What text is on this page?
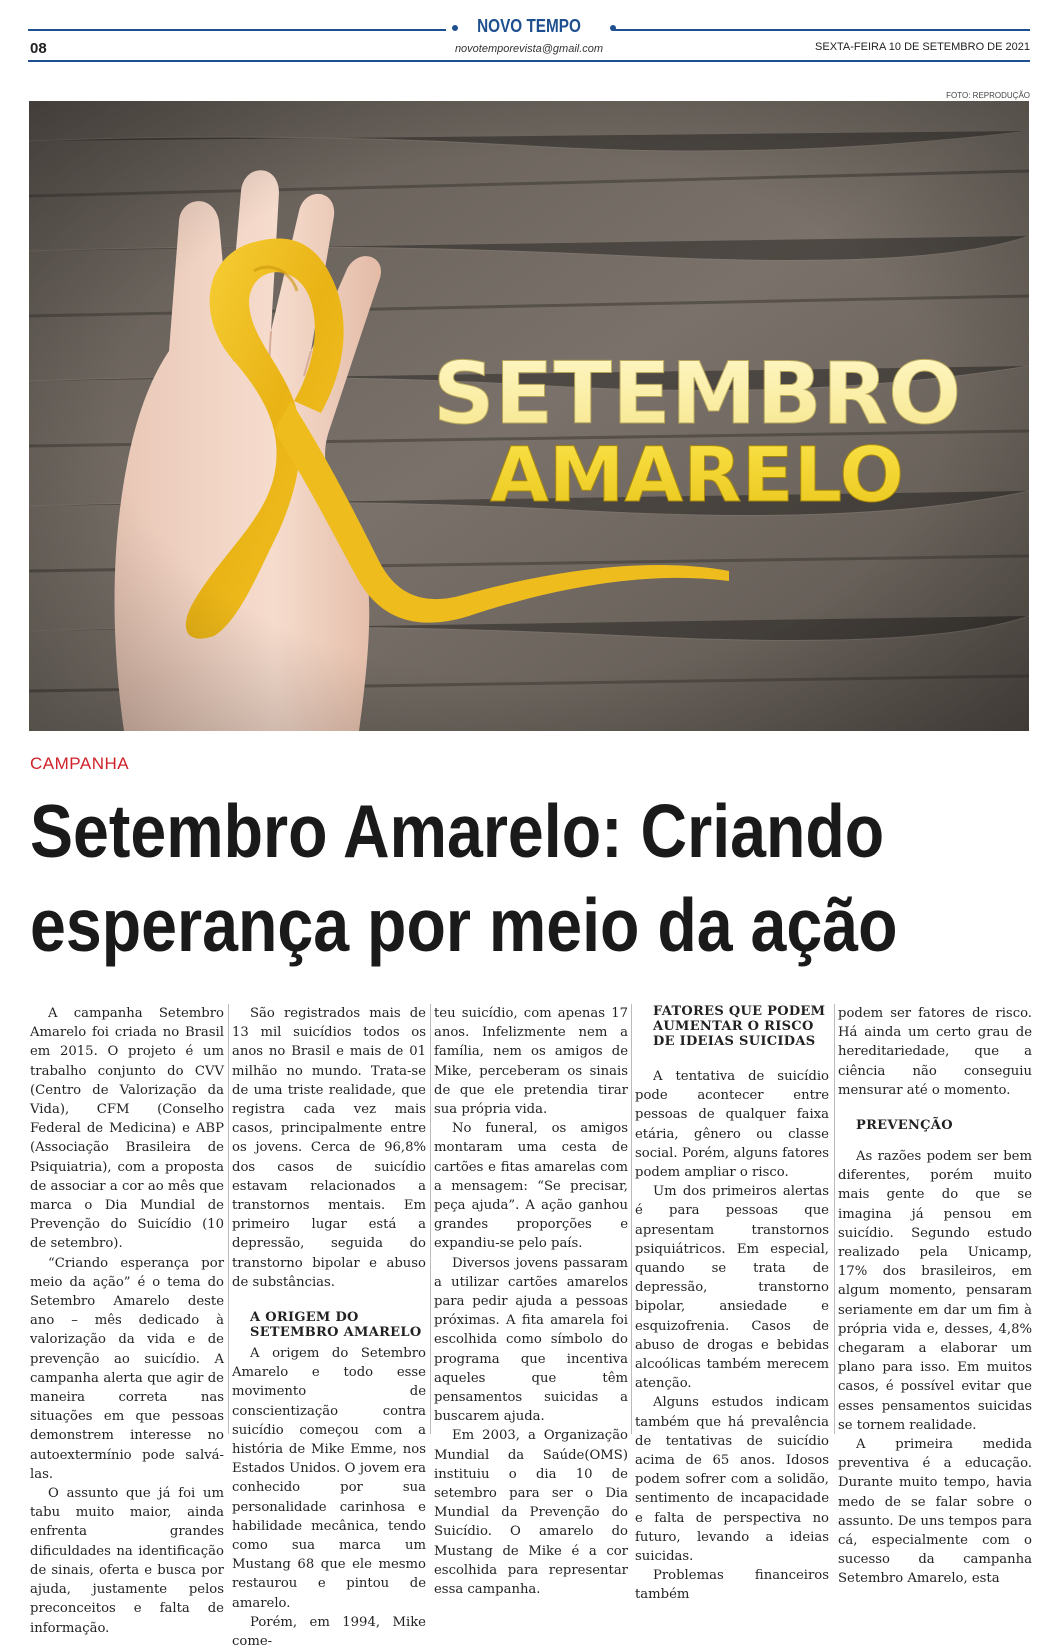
08
NOVO TEMPO
novotemporevista@gmail.com	SEXTA-FEIRA 10 DE SETEMBRO DE 2021
FOTO: REPRODUÇÃO
SETEMBRO
AMARELO
CAMPANHA
Setembro Amarelo: Criando
esperança por meio da ação

A campanha Setembro Amarelo foi criada no Brasil em 2015. O projeto é um trabalho conjunto do CVV (Centro de Valorização da Vida), CFM (Conselho Federal de Medicina) e ABP (Associação Brasileira de Psiquiatria), com a proposta de associar a cor ao mês que marca o Dia Mundial de Prevenção do Suicídio (10 de setembro).

“Criando esperança por meio da ação” é o tema do Setembro Amarelo deste ano – mês dedicado à valorização da vida e de prevenção ao suicídio. A campanha alerta que agir de maneira correta nas situações em que pessoas demonstrem interesse no autoextermínio pode salvá-las.

O assunto que já foi um tabu muito maior, ainda enfrenta grandes dificuldades na identificação de sinais, oferta e busca por ajuda, justamente pelos preconceitos e falta de informação.

São registrados mais de 13 mil suicídios todos os anos no Brasil e mais de 01 milhão no mundo. Trata-se de uma triste realidade, que registra cada vez mais casos, principalmente entre os jovens. Cerca de 96,8% dos casos de suicídio estavam relacionados a transtornos mentais. Em primeiro lugar está a depressão, seguida do transtorno bipolar e abuso de substâncias.

A ORIGEM DO SETEMBRO AMARELO

A origem do Setembro Amarelo e todo esse movimento de conscientização contra suicídio começou com a história de Mike Emme, nos Estados Unidos. O jovem era conhecido por sua personalidade carinhosa e habilidade mecânica, tendo como sua marca um Mustang 68 que ele mesmo restaurou e pintou de amarelo.

Porém, em 1994, Mike come-

teu suicídio, com apenas 17 anos. Infelizmente nem a família, nem os amigos de Mike, perceberam os sinais de que ele pretendia tirar sua própria vida.

No funeral, os amigos montaram uma cesta de cartões e fitas amarelas com a mensagem: “Se precisar, peça ajuda”. A ação ganhou grandes proporções e expandiu-se pelo país.

Diversos jovens passaram a utilizar cartões amarelos para pedir ajuda a pessoas próximas. A fita amarela foi escolhida como símbolo do programa que incentiva aqueles que têm pensamentos suicidas a buscarem ajuda.

Em 2003, a Organização Mundial da Saúde(OMS) instituiu o dia 10 de setembro para ser o Dia Mundial da Prevenção do Suicídio. O amarelo do Mustang de Mike é a cor escolhida para representar essa campanha.

FATORES QUE PODEM AUMENTAR O RISCO DE IDEIAS SUICIDAS

A tentativa de suicídio pode acontecer entre pessoas de qualquer faixa etária, gênero ou classe social. Porém, alguns fatores podem ampliar o risco.

Um dos primeiros alertas é para pessoas que apresentam transtornos psiquiátricos. Em especial, quando se trata de depressão, transtorno bipolar, ansiedade e esquizofrenia. Casos de abuso de drogas e bebidas alcoólicas também merecem atenção.

Alguns estudos indicam também que há prevalência de tentativas de suicídio acima de 65 anos. Idosos podem sofrer com a solidão, sentimento de incapacidade e falta de perspectiva no futuro, levando a ideias suicidas.

Problemas financeiros também

podem ser fatores de risco. Há ainda um certo grau de hereditariedade, que a ciência não conseguiu mensurar até o momento.

PREVENÇÃO

As razões podem ser bem diferentes, porém muito mais gente do que se imagina já pensou em suicídio. Segundo estudo realizado pela Unicamp, 17% dos brasileiros, em algum momento, pensaram seriamente em dar um fim à própria vida e, desses, 4,8% chegaram a elaborar um plano para isso. Em muitos casos, é possível evitar que esses pensamentos suicidas se tornem realidade.

A primeira medida preventiva é a educação. Durante muito tempo, havia medo de se falar sobre o assunto. De uns tempos para cá, especialmente com o sucesso da campanha Setembro Amarelo, esta
